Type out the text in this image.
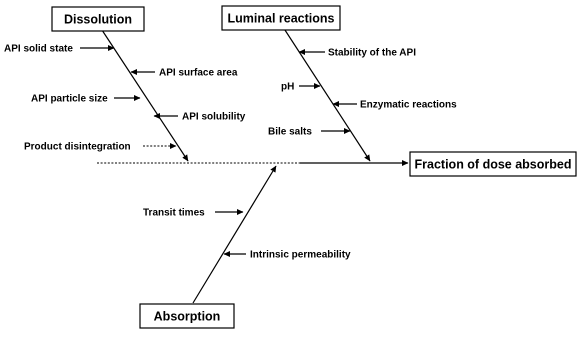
Dissolution	Luminal reactions
Absorption
Fraction of dose absorbed
API solid state
API surface area
API particle size
API solubility
Product disintegration
Stability of the API
pH
Enzymatic reactions
Bile salts
Transit times
Intrinsic permeability
